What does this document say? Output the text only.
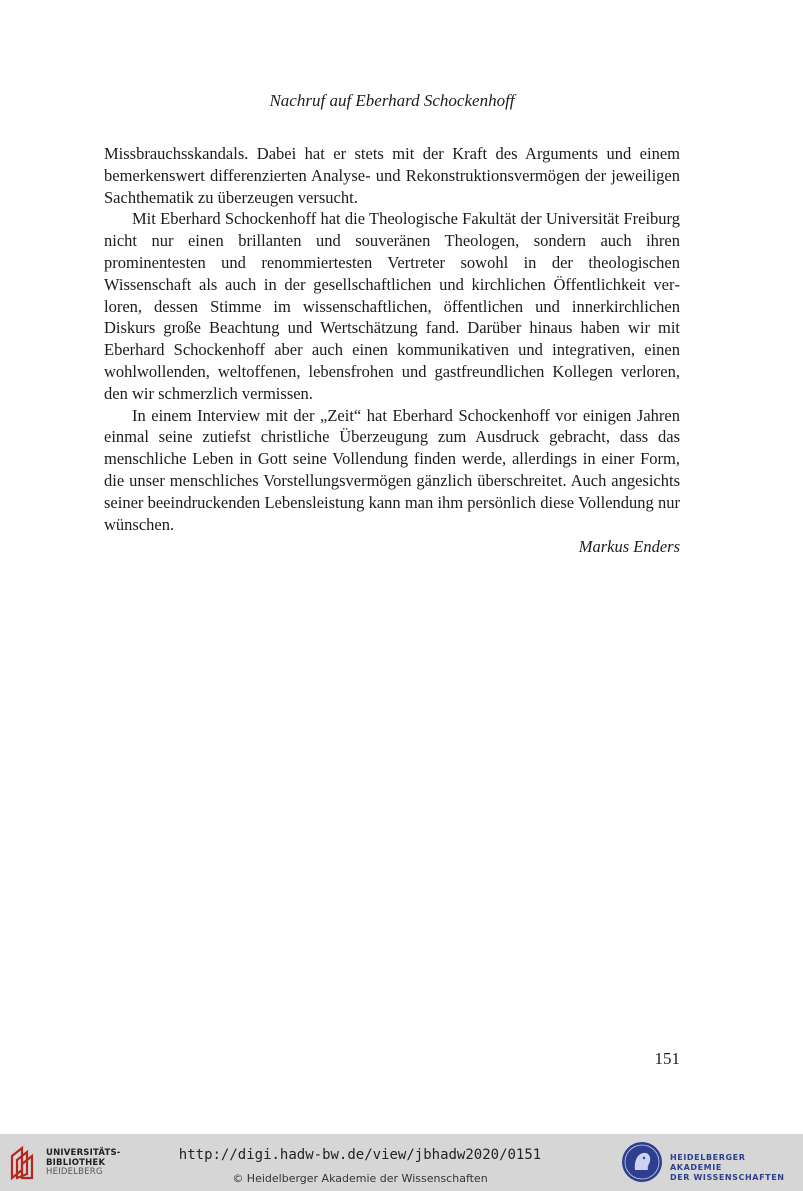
Nachruf auf Eberhard Schockenhoff

Missbrauchsskandals. Dabei hat er stets mit der Kraft des Arguments und einem bemerkenswert differenzierten Analyse- und Rekonstruktionsvermögen der jeweiligen Sachthematik zu überzeugen versucht.

Mit Eberhard Schockenhoff hat die Theologische Fakultät der Universität Freiburg nicht nur einen brillanten und souveränen Theologen, sondern auch ihren prominentesten und renommiertesten Vertreter sowohl in der theologischen Wissenschaft als auch in der gesellschaftlichen und kirchlichen Öffentlichkeit verloren, dessen Stimme im wissenschaftlichen, öffentlichen und innerkirchlichen Diskurs große Beachtung und Wertschätzung fand. Darüber hinaus haben wir mit Eberhard Schockenhoff aber auch einen kommunikativen und integrativen, einen wohlwollenden, weltoffenen, lebensfrohen und gastfreundlichen Kollegen verloren, den wir schmerzlich vermissen.

In einem Interview mit der „Zeit“ hat Eberhard Schockenhoff vor einigen Jahren einmal seine zutiefst christliche Überzeugung zum Ausdruck gebracht, dass das menschliche Leben in Gott seine Vollendung finden werde, allerdings in einer Form, die unser menschliches Vorstellungsvermögen gänzlich überschreitet. Auch angesichts seiner beeindruckenden Lebensleistung kann man ihm persönlich diese Vollendung nur wünschen.

Markus Enders
151
UNIVERSITÄTS-
BIBLIOTHEK
HEIDELBERG
http://digi.hadw-bw.de/view/jbhadw2020/0151
© Heidelberger Akademie der Wissenschaften
HEIDELBERGER AKADEMIE
DER WISSENSCHAFTEN
